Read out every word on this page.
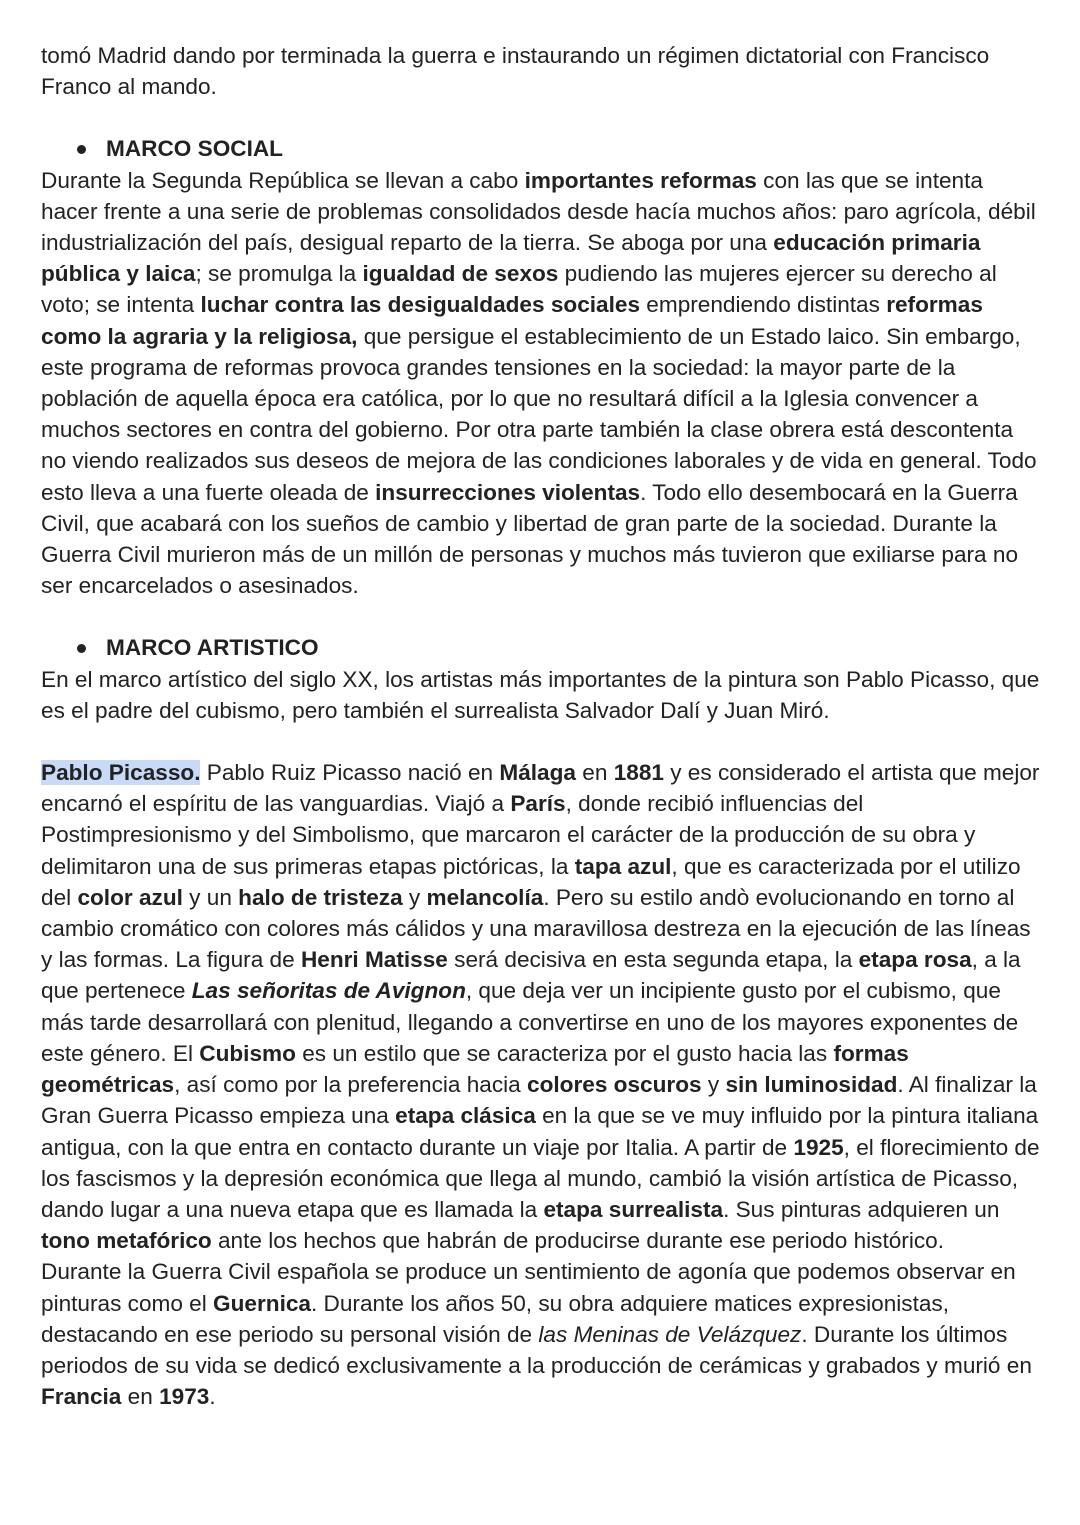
tomó Madrid dando por terminada la guerra e instaurando un régimen dictatorial con Francisco Franco al mando.

MARCO SOCIAL

Durante la Segunda República se llevan a cabo importantes reformas con las que se intenta hacer frente a una serie de problemas consolidados desde hacía muchos años: paro agrícola, débil industrialización del país, desigual reparto de la tierra. Se aboga por una educación primaria pública y laica; se promulga la igualdad de sexos pudiendo las mujeres ejercer su derecho al voto; se intenta luchar contra las desigualdades sociales emprendiendo distintas reformas como la agraria y la religiosa, que persigue el establecimiento de un Estado laico. Sin embargo, este programa de reformas provoca grandes tensiones en la sociedad: la mayor parte de la población de aquella época era católica, por lo que no resultará difícil a la Iglesia convencer a muchos sectores en contra del gobierno. Por otra parte también la clase obrera está descontenta no viendo realizados sus deseos de mejora de las condiciones laborales y de vida en general. Todo esto lleva a una fuerte oleada de insurrecciones violentas. Todo ello desembocará en la Guerra Civil, que acabará con los sueños de cambio y libertad de gran parte de la sociedad. Durante la Guerra Civil murieron más de un millón de personas y muchos más tuvieron que exiliarse para no ser encarcelados o asesinados.

MARCO ARTISTICO

En el marco artístico del siglo XX, los artistas más importantes de la pintura son Pablo Picasso, que es el padre del cubismo, pero también el surrealista Salvador Dalí y Juan Miró.

Pablo Picasso. Pablo Ruiz Picasso nació en Málaga en 1881 y es considerado el artista que mejor encarnó el espíritu de las vanguardias. Viajó a París, donde recibió influencias del Postimpresionismo y del Simbolismo, que marcaron el carácter de la producción de su obra y delimitaron una de sus primeras etapas pictóricas, la tapa azul, que es caracterizada por el utilizo del color azul y un halo de tristeza y melancolía. Pero su estilo andò evolucionando en torno al cambio cromático con colores más cálidos y una maravillosa destreza en la ejecución de las líneas y las formas. La figura de Henri Matisse será decisiva en esta segunda etapa, la etapa rosa, a la que pertenece Las señoritas de Avignon, que deja ver un incipiente gusto por el cubismo, que más tarde desarrollará con plenitud, llegando a convertirse en uno de los mayores exponentes de este género. El Cubismo es un estilo que se caracteriza por el gusto hacia las formas geométricas, así como por la preferencia hacia colores oscuros y sin luminosidad. Al finalizar la Gran Guerra Picasso empieza una etapa clásica en la que se ve muy influido por la pintura italiana antigua, con la que entra en contacto durante un viaje por Italia. A partir de 1925, el florecimiento de los fascismos y la depresión económica que llega al mundo, cambió la visión artística de Picasso, dando lugar a una nueva etapa que es llamada la etapa surrealista. Sus pinturas adquieren un tono metafórico ante los hechos que habrán de producirse durante ese periodo histórico.

Durante la Guerra Civil española se produce un sentimiento de agonía que podemos observar en pinturas como el Guernica. Durante los años 50, su obra adquiere matices expresionistas, destacando en ese periodo su personal visión de las Meninas de Velázquez. Durante los últimos periodos de su vida se dedicó exclusivamente a la producción de cerámicas y grabados y murió en Francia en 1973.
